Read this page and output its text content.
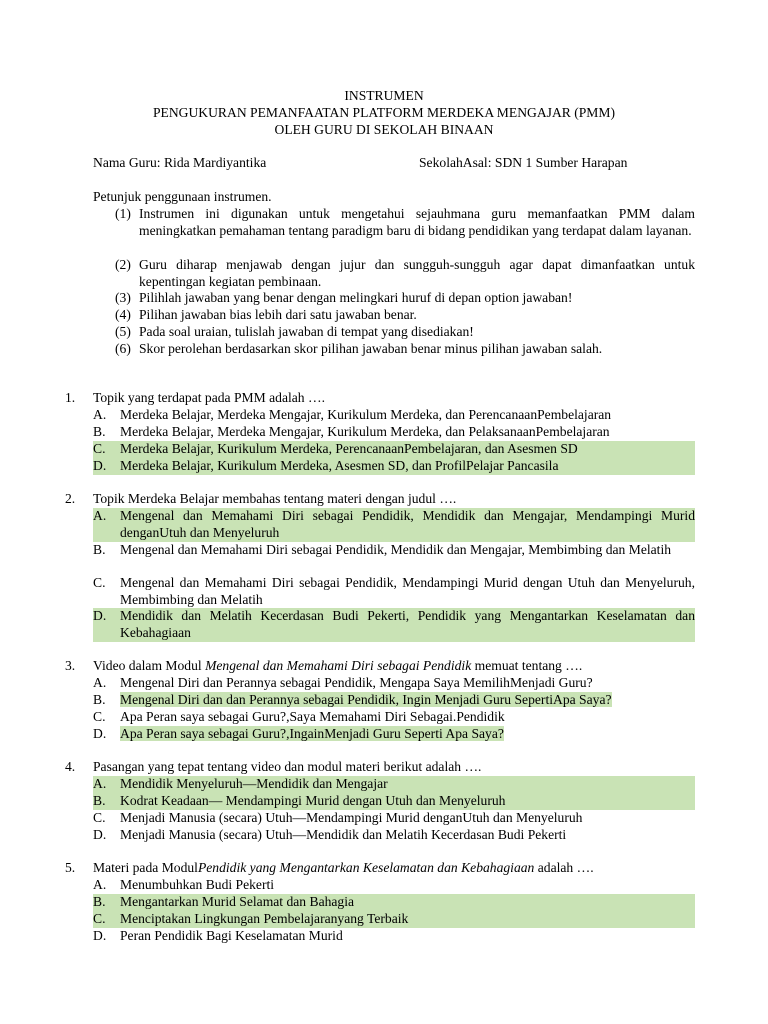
INSTRUMEN
PENGUKURAN PEMANFAATAN PLATFORM MERDEKA MENGAJAR (PMM)
OLEH GURU DI SEKOLAH BINAAN
Nama Guru: Rida Mardiyantika	SekolahAsal: SDN 1 Sumber Harapan
Petunjuk penggunaan instrumen.
(1) Instrumen ini digunakan untuk mengetahui sejauhmana guru memanfaatkan PMM dalam meningkatkan pemahaman tentang paradigm baru di bidang pendidikan yang terdapat dalam layanan.
(2) Guru diharap menjawab dengan jujur dan sungguh-sungguh agar dapat dimanfaatkan untuk kepentingan kegiatan pembinaan.
(3) Pilihlah jawaban yang benar dengan melingkari huruf di depan option jawaban!
(4) Pilihan jawaban bias lebih dari satu jawaban benar.
(5) Pada soal uraian, tulislah jawaban di tempat yang disediakan!
(6) Skor perolehan berdasarkan skor pilihan jawaban benar minus pilihan jawaban salah.
1. Topik yang terdapat pada PMM adalah ….
A. Merdeka Belajar, Merdeka Mengajar, Kurikulum Merdeka, dan PerencanaanPembelajaran
B. Merdeka Belajar, Merdeka Mengajar, Kurikulum Merdeka, dan PelaksanaanPembelajaran
C. Merdeka Belajar, Kurikulum Merdeka, PerencanaanPembelajaran, dan Asesmen SD
D. Merdeka Belajar, Kurikulum Merdeka, Asesmen SD, dan ProfilPelajar Pancasila
2. Topik Merdeka Belajar membahas tentang materi dengan judul ….
A. Mengenal dan Memahami Diri sebagai Pendidik, Mendidik dan Mengajar, Mendampingi Murid denganUtuh dan Menyeluruh
B. Mengenal dan Memahami Diri sebagai Pendidik, Mendidik dan Mengajar, Membimbing dan Melatih
C. Mengenal dan Memahami Diri sebagai Pendidik, Mendampingi Murid dengan Utuh dan Menyeluruh, Membimbing dan Melatih
D. Mendidik dan Melatih Kecerdasan Budi Pekerti, Pendidik yang Mengantarkan Keselamatan dan Kebahagiaan
3. Video dalam Modul Mengenal dan Memahami Diri sebagai Pendidik memuat tentang ….
A. Mengenal Diri dan Perannya sebagai Pendidik, Mengapa Saya MemilihMenjadi Guru?
B. Mengenal Diri dan dan Perannya sebagai Pendidik, Ingin Menjadi Guru SepertiApa Saya?
C. Apa Peran saya sebagai Guru?,Saya Memahami Diri Sebagai.Pendidik
D. Apa Peran saya sebagai Guru?,IngainMenjadi Guru Seperti Apa Saya?
4. Pasangan yang tepat tentang video dan modul materi berikut adalah ….
A. Mendidik Menyeluruh—Mendidik dan Mengajar
B. Kodrat Keadaan— Mendampingi Murid dengan Utuh dan Menyeluruh
C. Menjadi Manusia (secara) Utuh—Mendampingi Murid denganUtuh dan Menyeluruh
D. Menjadi Manusia (secara) Utuh—Mendidik dan Melatih Kecerdasan Budi Pekerti
5. Materi pada ModulPendidik yang Mengantarkan Keselamatan dan Kebahagiaan adalah ….
A. Menumbuhkan Budi Pekerti
B. Mengantarkan Murid Selamat dan Bahagia
C. Menciptakan Lingkungan Pembelajaranyang Terbaik
D. Peran Pendidik Bagi Keselamatan Murid
